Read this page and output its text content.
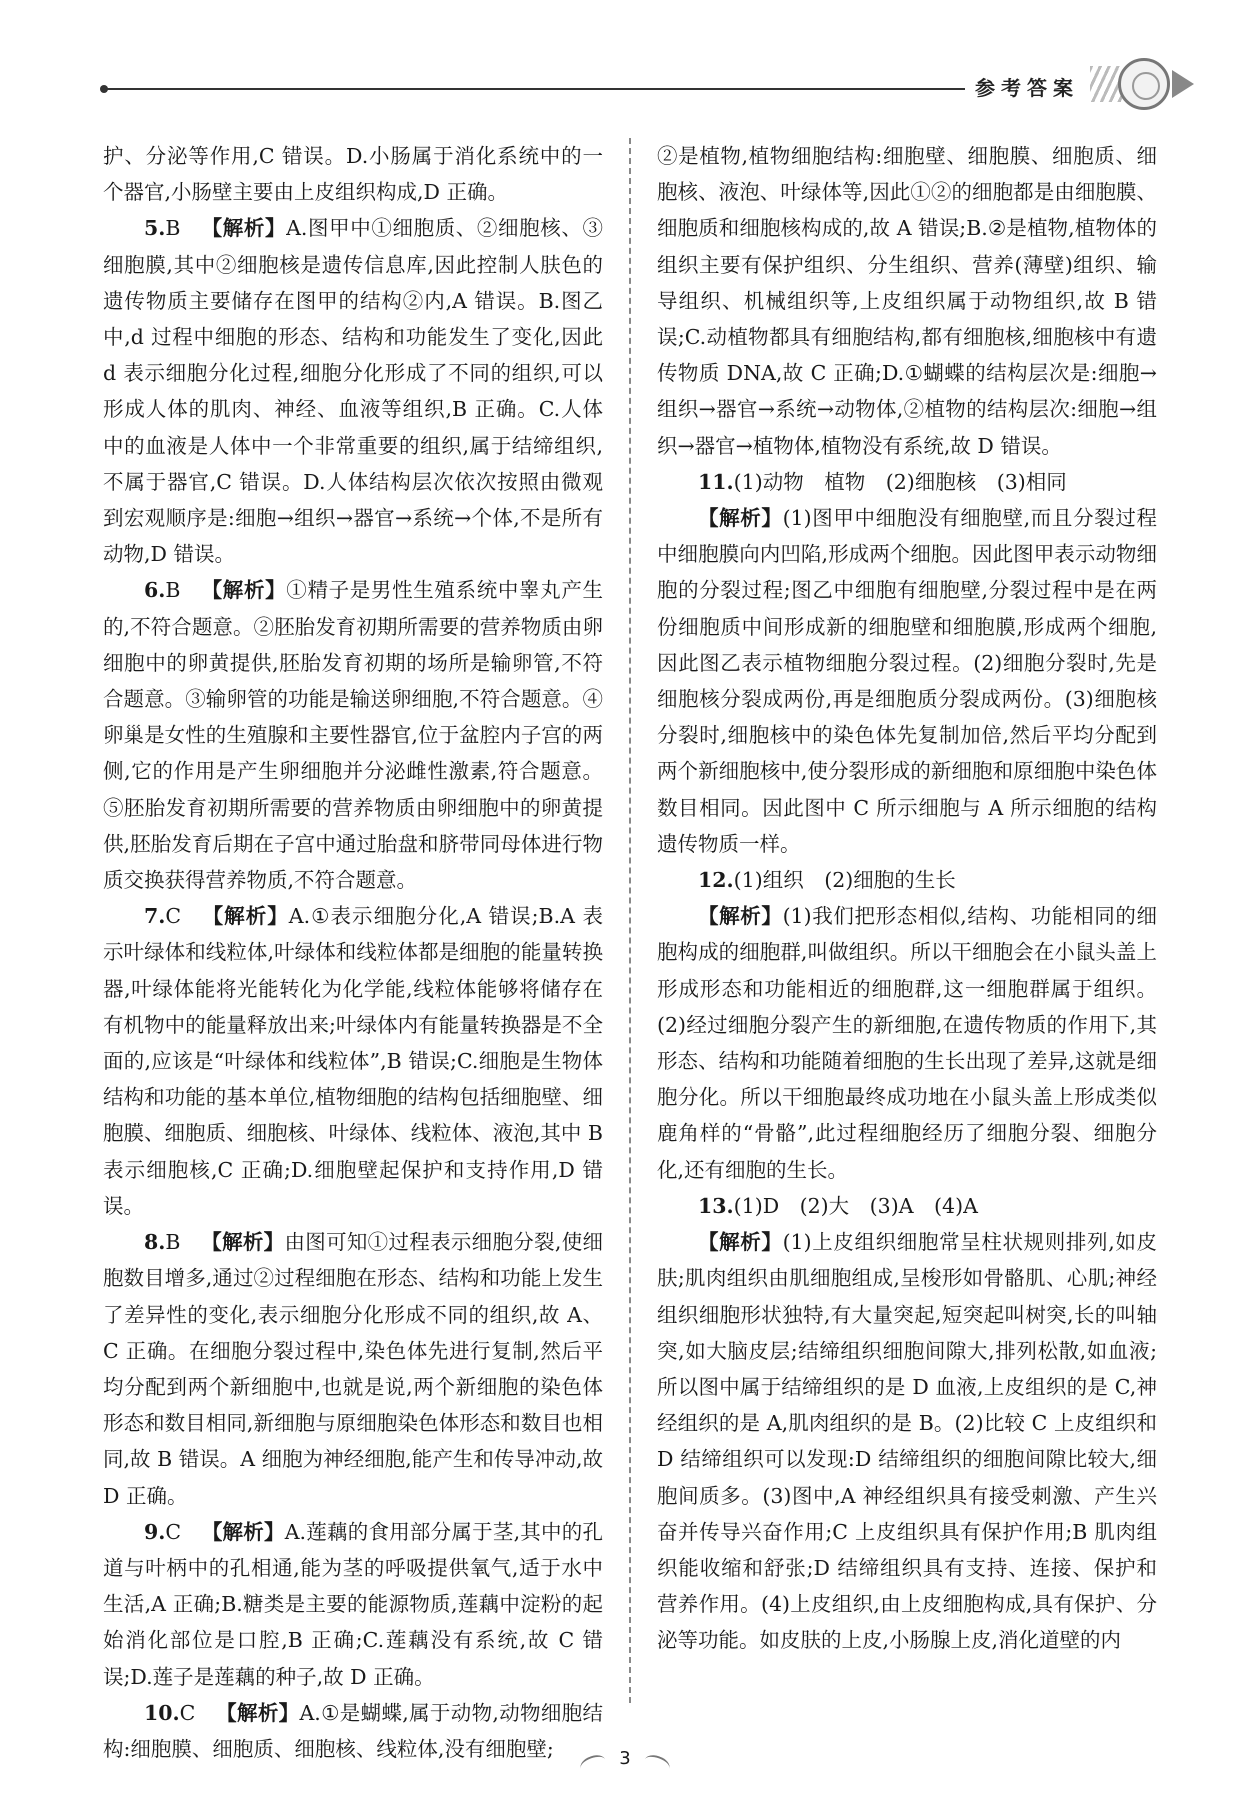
参考答案

护、分泌等作用,C 错误。D.小肠属于消化系统中的一个器官,小肠壁主要由上皮组织构成,D 正确。

5.B  【解析】A.图甲中①细胞质、②细胞核、③细胞膜,其中②细胞核是遗传信息库,因此控制人肤色的遗传物质主要储存在图甲的结构②内,A 错误。B.图乙中,d 过程中细胞的形态、结构和功能发生了变化,因此 d 表示细胞分化过程,细胞分化形成了不同的组织,可以形成人体的肌肉、神经、血液等组织,B 正确。C.人体中的血液是人体中一个非常重要的组织,属于结缔组织,不属于器官,C 错误。D.人体结构层次依次按照由微观到宏观顺序是:细胞→组织→器官→系统→个体,不是所有动物,D 错误。

6.B  【解析】①精子是男性生殖系统中睾丸产生的,不符合题意。②胚胎发育初期所需要的营养物质由卵细胞中的卵黄提供,胚胎发育初期的场所是输卵管,不符合题意。③输卵管的功能是输送卵细胞,不符合题意。④卵巢是女性的生殖腺和主要性器官,位于盆腔内子宫的两侧,它的作用是产生卵细胞并分泌雌性激素,符合题意。⑤胚胎发育初期所需要的营养物质由卵细胞中的卵黄提供,胚胎发育后期在子宫中通过胎盘和脐带同母体进行物质交换获得营养物质,不符合题意。

7.C  【解析】A.①表示细胞分化,A 错误;B.A 表示叶绿体和线粒体,叶绿体和线粒体都是细胞的能量转换器,叶绿体能将光能转化为化学能,线粒体能够将储存在有机物中的能量释放出来;叶绿体内有能量转换器是不全面的,应该是“叶绿体和线粒体”,B 错误;C.细胞是生物体结构和功能的基本单位,植物细胞的结构包括细胞壁、细胞膜、细胞质、细胞核、叶绿体、线粒体、液泡,其中 B 表示细胞核,C 正确;D.细胞壁起保护和支持作用,D 错误。

8.B  【解析】由图可知①过程表示细胞分裂,使细胞数目增多,通过②过程细胞在形态、结构和功能上发生了差异性的变化,表示细胞分化形成不同的组织,故 A、C 正确。在细胞分裂过程中,染色体先进行复制,然后平均分配到两个新细胞中,也就是说,两个新细胞的染色体形态和数目相同,新细胞与原细胞染色体形态和数目也相同,故 B 错误。A 细胞为神经细胞,能产生和传导冲动,故 D 正确。

9.C  【解析】A.莲藕的食用部分属于茎,其中的孔道与叶柄中的孔相通,能为茎的呼吸提供氧气,适于水中生活,A 正确;B.糖类是主要的能源物质,莲藕中淀粉的起始消化部位是口腔,B 正确;C.莲藕没有系统,故 C 错误;D.莲子是莲藕的种子,故 D 正确。

10.C  【解析】A.①是蝴蝶,属于动物,动物细胞结构:细胞膜、细胞质、细胞核、线粒体,没有细胞壁;

②是植物,植物细胞结构:细胞壁、细胞膜、细胞质、细胞核、液泡、叶绿体等,因此①②的细胞都是由细胞膜、细胞质和细胞核构成的,故 A 错误;B.②是植物,植物体的组织主要有保护组织、分生组织、营养(薄壁)组织、输导组织、机械组织等,上皮组织属于动物组织,故 B 错误;C.动植物都具有细胞结构,都有细胞核,细胞核中有遗传物质 DNA,故 C 正确;D.①蝴蝶的结构层次是:细胞→组织→器官→系统→动物体,②植物的结构层次:细胞→组织→器官→植物体,植物没有系统,故 D 错误。

11.(1)动物　植物　(2)细胞核　(3)相同

【解析】(1)图甲中细胞没有细胞壁,而且分裂过程中细胞膜向内凹陷,形成两个细胞。因此图甲表示动物细胞的分裂过程;图乙中细胞有细胞壁,分裂过程中是在两份细胞质中间形成新的细胞壁和细胞膜,形成两个细胞,因此图乙表示植物细胞分裂过程。(2)细胞分裂时,先是细胞核分裂成两份,再是细胞质分裂成两份。(3)细胞核分裂时,细胞核中的染色体先复制加倍,然后平均分配到两个新细胞核中,使分裂形成的新细胞和原细胞中染色体数目相同。因此图中 C 所示细胞与 A 所示细胞的结构遗传物质一样。

12.(1)组织　(2)细胞的生长

【解析】(1)我们把形态相似,结构、功能相同的细胞构成的细胞群,叫做组织。所以干细胞会在小鼠头盖上形成形态和功能相近的细胞群,这一细胞群属于组织。(2)经过细胞分裂产生的新细胞,在遗传物质的作用下,其形态、结构和功能随着细胞的生长出现了差异,这就是细胞分化。所以干细胞最终成功地在小鼠头盖上形成类似鹿角样的“骨骼”,此过程细胞经历了细胞分裂、细胞分化,还有细胞的生长。

13.(1)D　(2)大　(3)A　(4)A

【解析】(1)上皮组织细胞常呈柱状规则排列,如皮肤;肌肉组织由肌细胞组成,呈梭形如骨骼肌、心肌;神经组织细胞形状独特,有大量突起,短突起叫树突,长的叫轴突,如大脑皮层;结缔组织细胞间隙大,排列松散,如血液;所以图中属于结缔组织的是 D 血液,上皮组织的是 C,神经组织的是 A,肌肉组织的是 B。(2)比较 C 上皮组织和 D 结缔组织可以发现:D 结缔组织的细胞间隙比较大,细胞间质多。(3)图中,A 神经组织具有接受刺激、产生兴奋并传导兴奋作用;C 上皮组织具有保护作用;B 肌肉组织能收缩和舒张;D 结缔组织具有支持、连接、保护和营养作用。(4)上皮组织,由上皮细胞构成,具有保护、分泌等功能。如皮肤的上皮,小肠腺上皮,消化道壁的内

3
